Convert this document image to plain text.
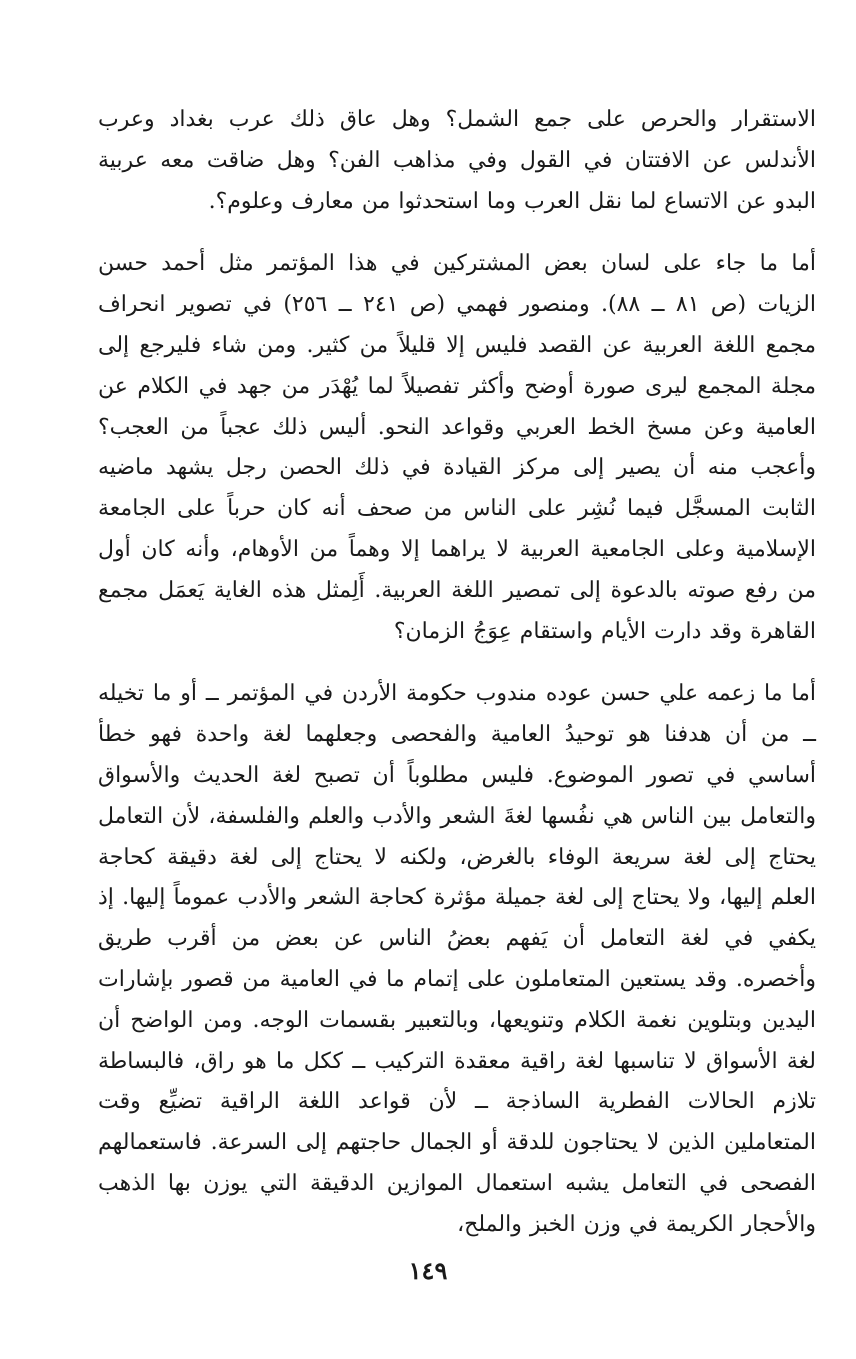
الاستقرار والحرص على جمع الشمل؟ وهل عاق ذلك عرب بغداد وعرب الأندلس عن الافتتان في القول وفي مذاهب الفن؟ وهل ضاقت معه عربية البدو عن الاتساع لما نقل العرب وما استحدثوا من معارف وعلوم؟.

أما ما جاء على لسان بعض المشتركين في هذا المؤتمر مثل أحمد حسن الزيات (ص ٨١ ــ ٨٨). ومنصور فهمي (ص ٢٤١ ــ ٢٥٦) في تصوير انحراف مجمع اللغة العربية عن القصد فليس إلا قليلاً من كثير. ومن شاء فليرجع إلى مجلة المجمع ليرى صورة أوضح وأكثر تفصيلاً لما يُهْدَر من جهد في الكلام عن العامية وعن مسخ الخط العربي وقواعد النحو. أليس ذلك عجباً من العجب؟ وأعجب منه أن يصير إلى مركز القيادة في ذلك الحصن رجل يشهد ماضيه الثابت المسجَّل فيما نُشِر على الناس من صحف أنه كان حرباً على الجامعة الإسلامية وعلى الجامعية العربية لا يراهما إلا وهماً من الأوهام، وأنه كان أول من رفع صوته بالدعوة إلى تمصير اللغة العربية. أَلِمثل هذه الغاية يَعمَل مجمع القاهرة وقد دارت الأيام واستقام عِوَجُ الزمان؟

أما ما زعمه علي حسن عوده مندوب حكومة الأردن في المؤتمر ــ أو ما تخيله ــ من أن هدفنا هو توحيدُ العامية والفحصى وجعلهما لغة واحدة فهو خطأ أساسي في تصور الموضوع. فليس مطلوباً أن تصبح لغة الحديث والأسواق والتعامل بين الناس هي نفُسها لغةَ الشعر والأدب والعلم والفلسفة، لأن التعامل يحتاج إلى لغة سريعة الوفاء بالغرض، ولكنه لا يحتاج إلى لغة دقيقة كحاجة العلم إليها، ولا يحتاج إلى لغة جميلة مؤثرة كحاجة الشعر والأدب عموماً إليها. إذ يكفي في لغة التعامل أن يَفهم بعضُ الناس عن بعض من أقرب طريق وأخصره. وقد يستعين المتعاملون على إتمام ما في العامية من قصور بإشارات اليدين وبتلوين نغمة الكلام وتنويعها، وبالتعبير بقسمات الوجه. ومن الواضح أن لغة الأسواق لا تناسبها لغة راقية معقدة التركيب ــ ككل ما هو راق، فالبساطة تلازم الحالات الفطرية الساذجة ــ لأن قواعد اللغة الراقية تضيِّع وقت المتعاملين الذين لا يحتاجون للدقة أو الجمال حاجتهم إلى السرعة. فاستعمالهم الفصحى في التعامل يشبه استعمال الموازين الدقيقة التي يوزن بها الذهب والأحجار الكريمة في وزن الخبز والملح،

١٤٩
